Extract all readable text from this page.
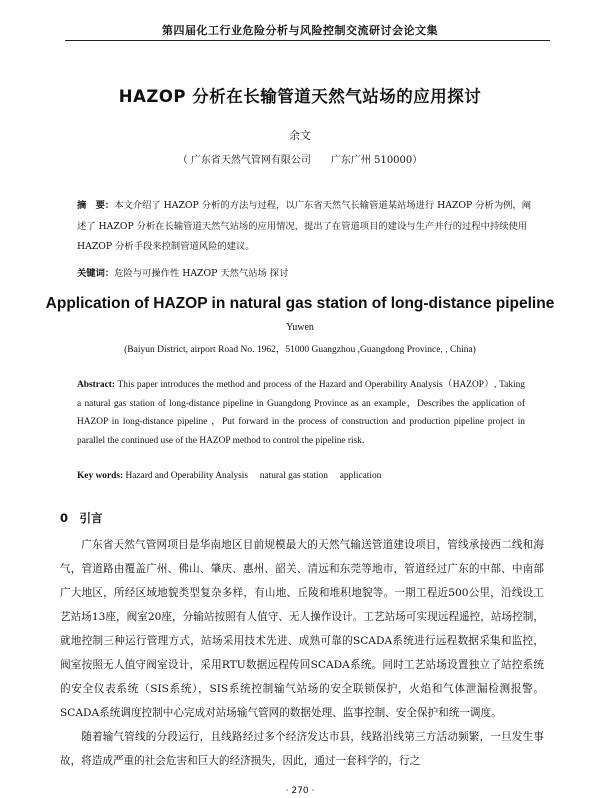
第四届化工行业危险分析与风险控制交流研讨会论文集
HAZOP 分析在长输管道天然气站场的应用探讨
余文
（ 广东省天然气管网有限公司　　广东广州 510000）
摘　要：本文介绍了 HAZOP 分析的方法与过程，以广东省天然气长输管道某站场进行 HAZOP 分析为例，阐述了 HAZOP 分析在长输管道天然气站场的应用情况，提出了在管道项目的建设与生产并行的过程中持续使用 HAZOP 分析手段来控制管道风险的建议。
关键词：危险与可操作性 HAZOP 天然气站场 探讨
Application of HAZOP in natural gas station of long-distance pipeline
Yuwen
(Baiyun District, airport Road No. 1962，51000 Guangzhou ,Guangdong Province, , China)
Abstract: This paper introduces the method and process of the Hazard and Operability Analysis（HAZOP）, Taking a natural gas station of long-distance pipeline in Guangdong Province as an example，Describes the application of HAZOP in long-distance pipeline ，Put forward in the process of construction and production pipeline project in parallel the continued use of the HAZOP method to control the pipeline risk.
Key words: Hazard and Operability Analysis　 natural gas station　 application
0　引言

广东省天然气管网项目是华南地区目前规模最大的天然气输送管道建设项目，管线承接西二线和海气，管道路由覆盖广州、佛山、肇庆、惠州、韶关、清远和东莞等地市，管道经过广东的中部、中南部广大地区，所经区域地貌类型复杂多样，有山地、丘陵和堆积地貌等。一期工程近500公里，沿线设工艺站场13座，阀室20座，分输站按照有人值守、无人操作设计。工艺站场可实现远程遥控，站场控制，就地控制三种运行管理方式，站场采用技术先进、成熟可靠的SCADA系统进行远程数据采集和监控，阀室按照无人值守阀室设计，采用RTU数据远程传回SCADA系统。同时工艺站场设置独立了站控系统的安全仪表系统（SIS系统），SIS系统控制输气站场的安全联锁保护，火焰和气体泄漏检测报警。SCADA系统调度控制中心完成对站场输气管网的数据处理、监事控制、安全保护和统一调度。

随着输气管线的分段运行，且线路经过多个经济发达市县，线路沿线第三方活动频繁，一旦发生事故，将造成严重的社会危害和巨大的经济损失，因此，通过一套科学的，行之

· 270 ·
